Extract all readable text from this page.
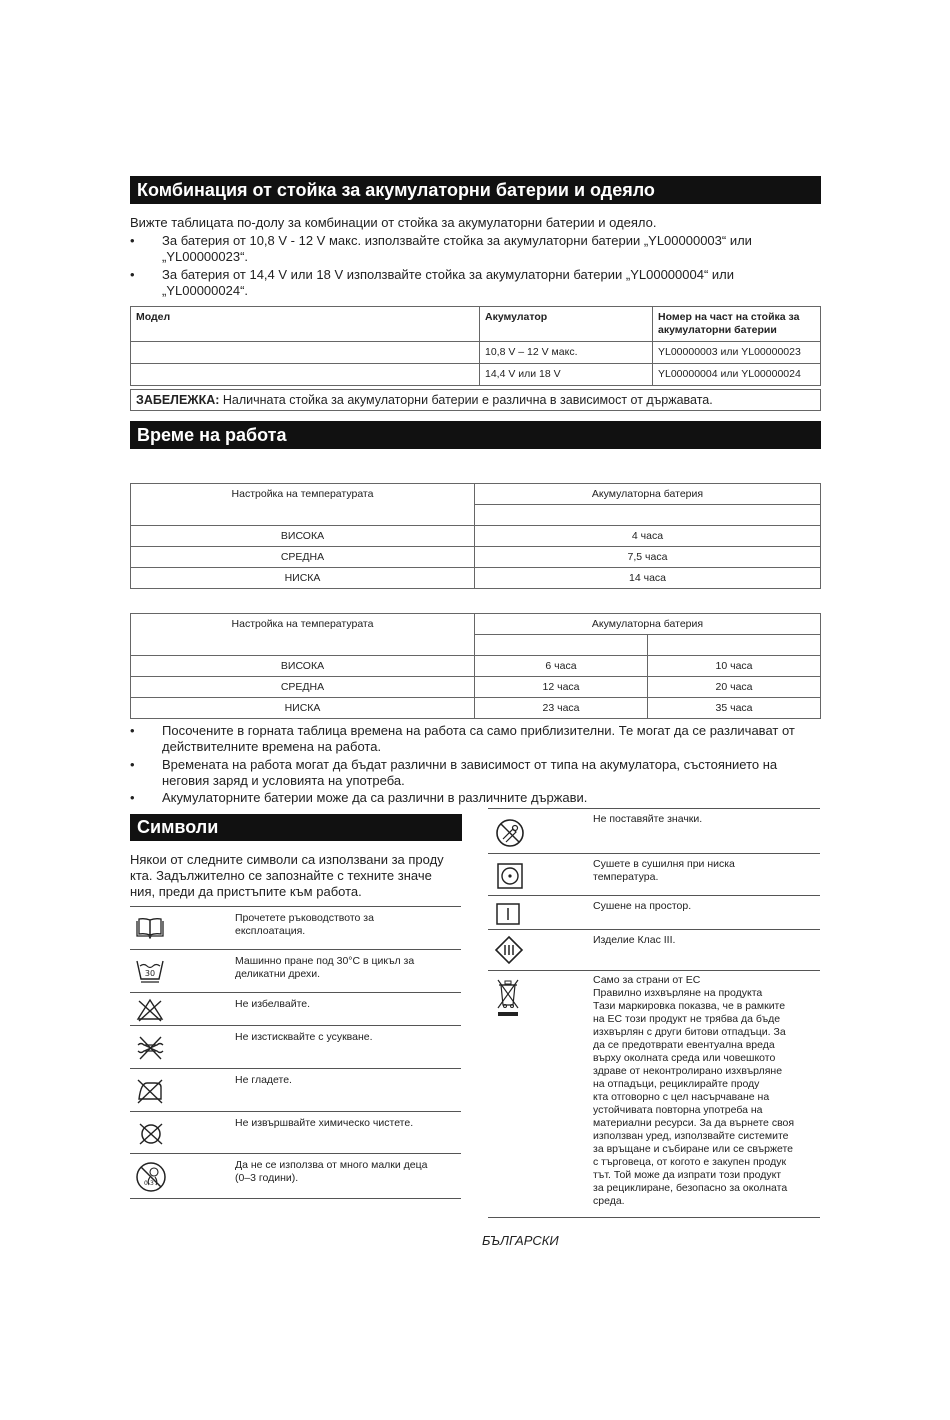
Комбинация от стойка за акумулаторни батерии и одеяло
Вижте таблицата по-долу за комбинации от стойка за акумулаторни батерии и одеяло.
• За батерия от 10,8 V - 12 V макс. използвайте стойка за акумулаторни батерии „YL00000003“ или
„YL00000023“.
• За батерия от 14,4 V или 18 V използвайте стойка за акумулаторни батерии „YL00000004“ или
„YL00000024“.
Модел	Акумулатор	Номер на част на стойка за акумулаторни батерии
	10,8 V – 12 V макс.	YL00000003 или YL00000023
	14,4 V или 18 V	YL00000004 или YL00000024
ЗАБЕЛЕЖКА: Наличната стойка за акумулаторни батерии е различна в зависимост от държавата.
Време на работа
Настройка на температурата	Акумулаторна батерия

ВИСОКА	4 часа
СРЕДНА	7,5 часа
НИСКА	14 часа
Настройка на температурата	Акумулаторна батерия	

ВИСОКА	6 часа	10 часа
СРЕДНА	12 часа	20 часа
НИСКА	23 часа	35 часа
• Посочените в горната таблица времена на работа са само приблизителни. Те могат да се различават от
действителните времена на работа.
• Времената на работа могат да бъдат различни в зависимост от типа на акумулатора, състоянието на
неговия заряд и условията на употреба.
• Акумулаторните батерии може да са различни в различните държави.
Символи
Някои от следните символи са използвани за проду
кта. Задължително се запознайте с техните значе
ния, преди да пристъпите към работа.
Прочетете ръководството за
експлоатация.
30
Машинно пране под 30°C в цикъл за
деликатни дрехи.
Не избелвайте.
Не изстисквайте с усукване.
Не гладете.
Не извършвайте химическо чистете.
0-3
Да не се използва от много малки деца
(0–3 години).
Не поставяйте значки.
Сушете в сушилня при ниска
температура.
Сушене на простор.
Изделие Клас III.
Само за страни от ЕС
Правилно изхвърляне на продукта
Тази маркировка показва, че в рамките
на ЕС този продукт не трябва да бъде
изхвърлян с други битови отпадъци. За
да се предотврати евентуална вреда
върху околната среда или човешкото
здраве от неконтролирано изхвърляне
на отпадъци, рециклирайте проду
кта отговорно с цел насърчаване на
устойчивата повторна употреба на
материални ресурси. За да върнете своя
използван уред, използвайте системите
за връщане и събиране или се свържете
с търговеца, от когото е закупен продук
тът. Той може да изпрати този продукт
за рециклиране, безопасно за околната
среда.
БЪЛГАРСКИ
